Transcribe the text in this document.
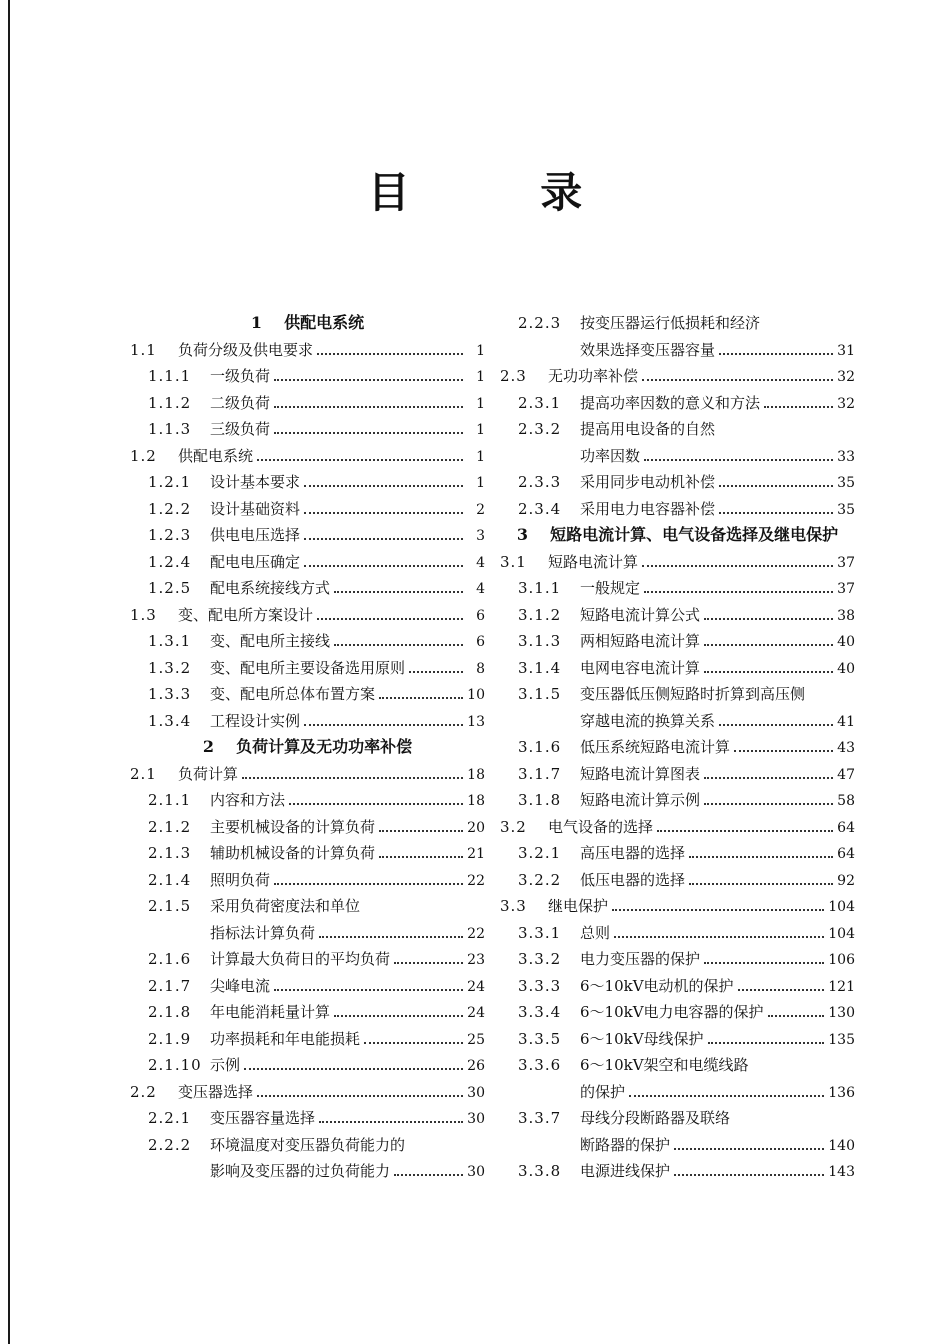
目 录
1 供配电系统
1.1	负荷分级及供电要求	1
1.1.1	一级负荷	1
1.1.2	二级负荷	1
1.1.3	三级负荷	1
1.2	供配电系统	1
1.2.1	设计基本要求	1
1.2.2	设计基础资料	2
1.2.3	供电电压选择	3
1.2.4	配电电压确定	4
1.2.5	配电系统接线方式	4
1.3	变、配电所方案设计	6
1.3.1	变、配电所主接线	6
1.3.2	变、配电所主要设备选用原则	8
1.3.3	变、配电所总体布置方案	10
1.3.4	工程设计实例	13
2 负荷计算及无功功率补偿
2.1	负荷计算	18
2.1.1	内容和方法	18
2.1.2	主要机械设备的计算负荷	20
2.1.3	辅助机械设备的计算负荷	21
2.1.4	照明负荷	22
2.1.5	采用负荷密度法和单位
指标法计算负荷	22
2.1.6	计算最大负荷日的平均负荷	23
2.1.7	尖峰电流	24
2.1.8	年电能消耗量计算	24
2.1.9	功率损耗和年电能损耗	25
2.1.10 示例	26
2.2	变压器选择	30
2.2.1	变压器容量选择	30
2.2.2	环境温度对变压器负荷能力的
影响及变压器的过负荷能力	30
2.2.3	按变压器运行低损耗和经济
效果选择变压器容量	31
2.3	无功功率补偿	32
2.3.1	提高功率因数的意义和方法	32
2.3.2	提高用电设备的自然
功率因数	33
2.3.3	采用同步电动机补偿	35
2.3.4	采用电力电容器补偿	35
3 短路电流计算、电气设备选择及继电保护
3.1	短路电流计算	37
3.1.1	一般规定	37
3.1.2	短路电流计算公式	38
3.1.3	两相短路电流计算	40
3.1.4	电网电容电流计算	40
3.1.5	变压器低压侧短路时折算到高压侧
穿越电流的换算关系	41
3.1.6	低压系统短路电流计算	43
3.1.7	短路电流计算图表	47
3.1.8	短路电流计算示例	58
3.2	电气设备的选择	64
3.2.1	高压电器的选择	64
3.2.2	低压电器的选择	92
3.3	继电保护	104
3.3.1	总则	104
3.3.2	电力变压器的保护	106
3.3.3	6～10kV电动机的保护	121
3.3.4	6～10kV电力电容器的保护	130
3.3.5	6～10kV母线保护	135
3.3.6	6～10kV架空和电缆线路
的保护	136
3.3.7	母线分段断路器及联络
断路器的保护	140
3.3.8	电源进线保护	143
